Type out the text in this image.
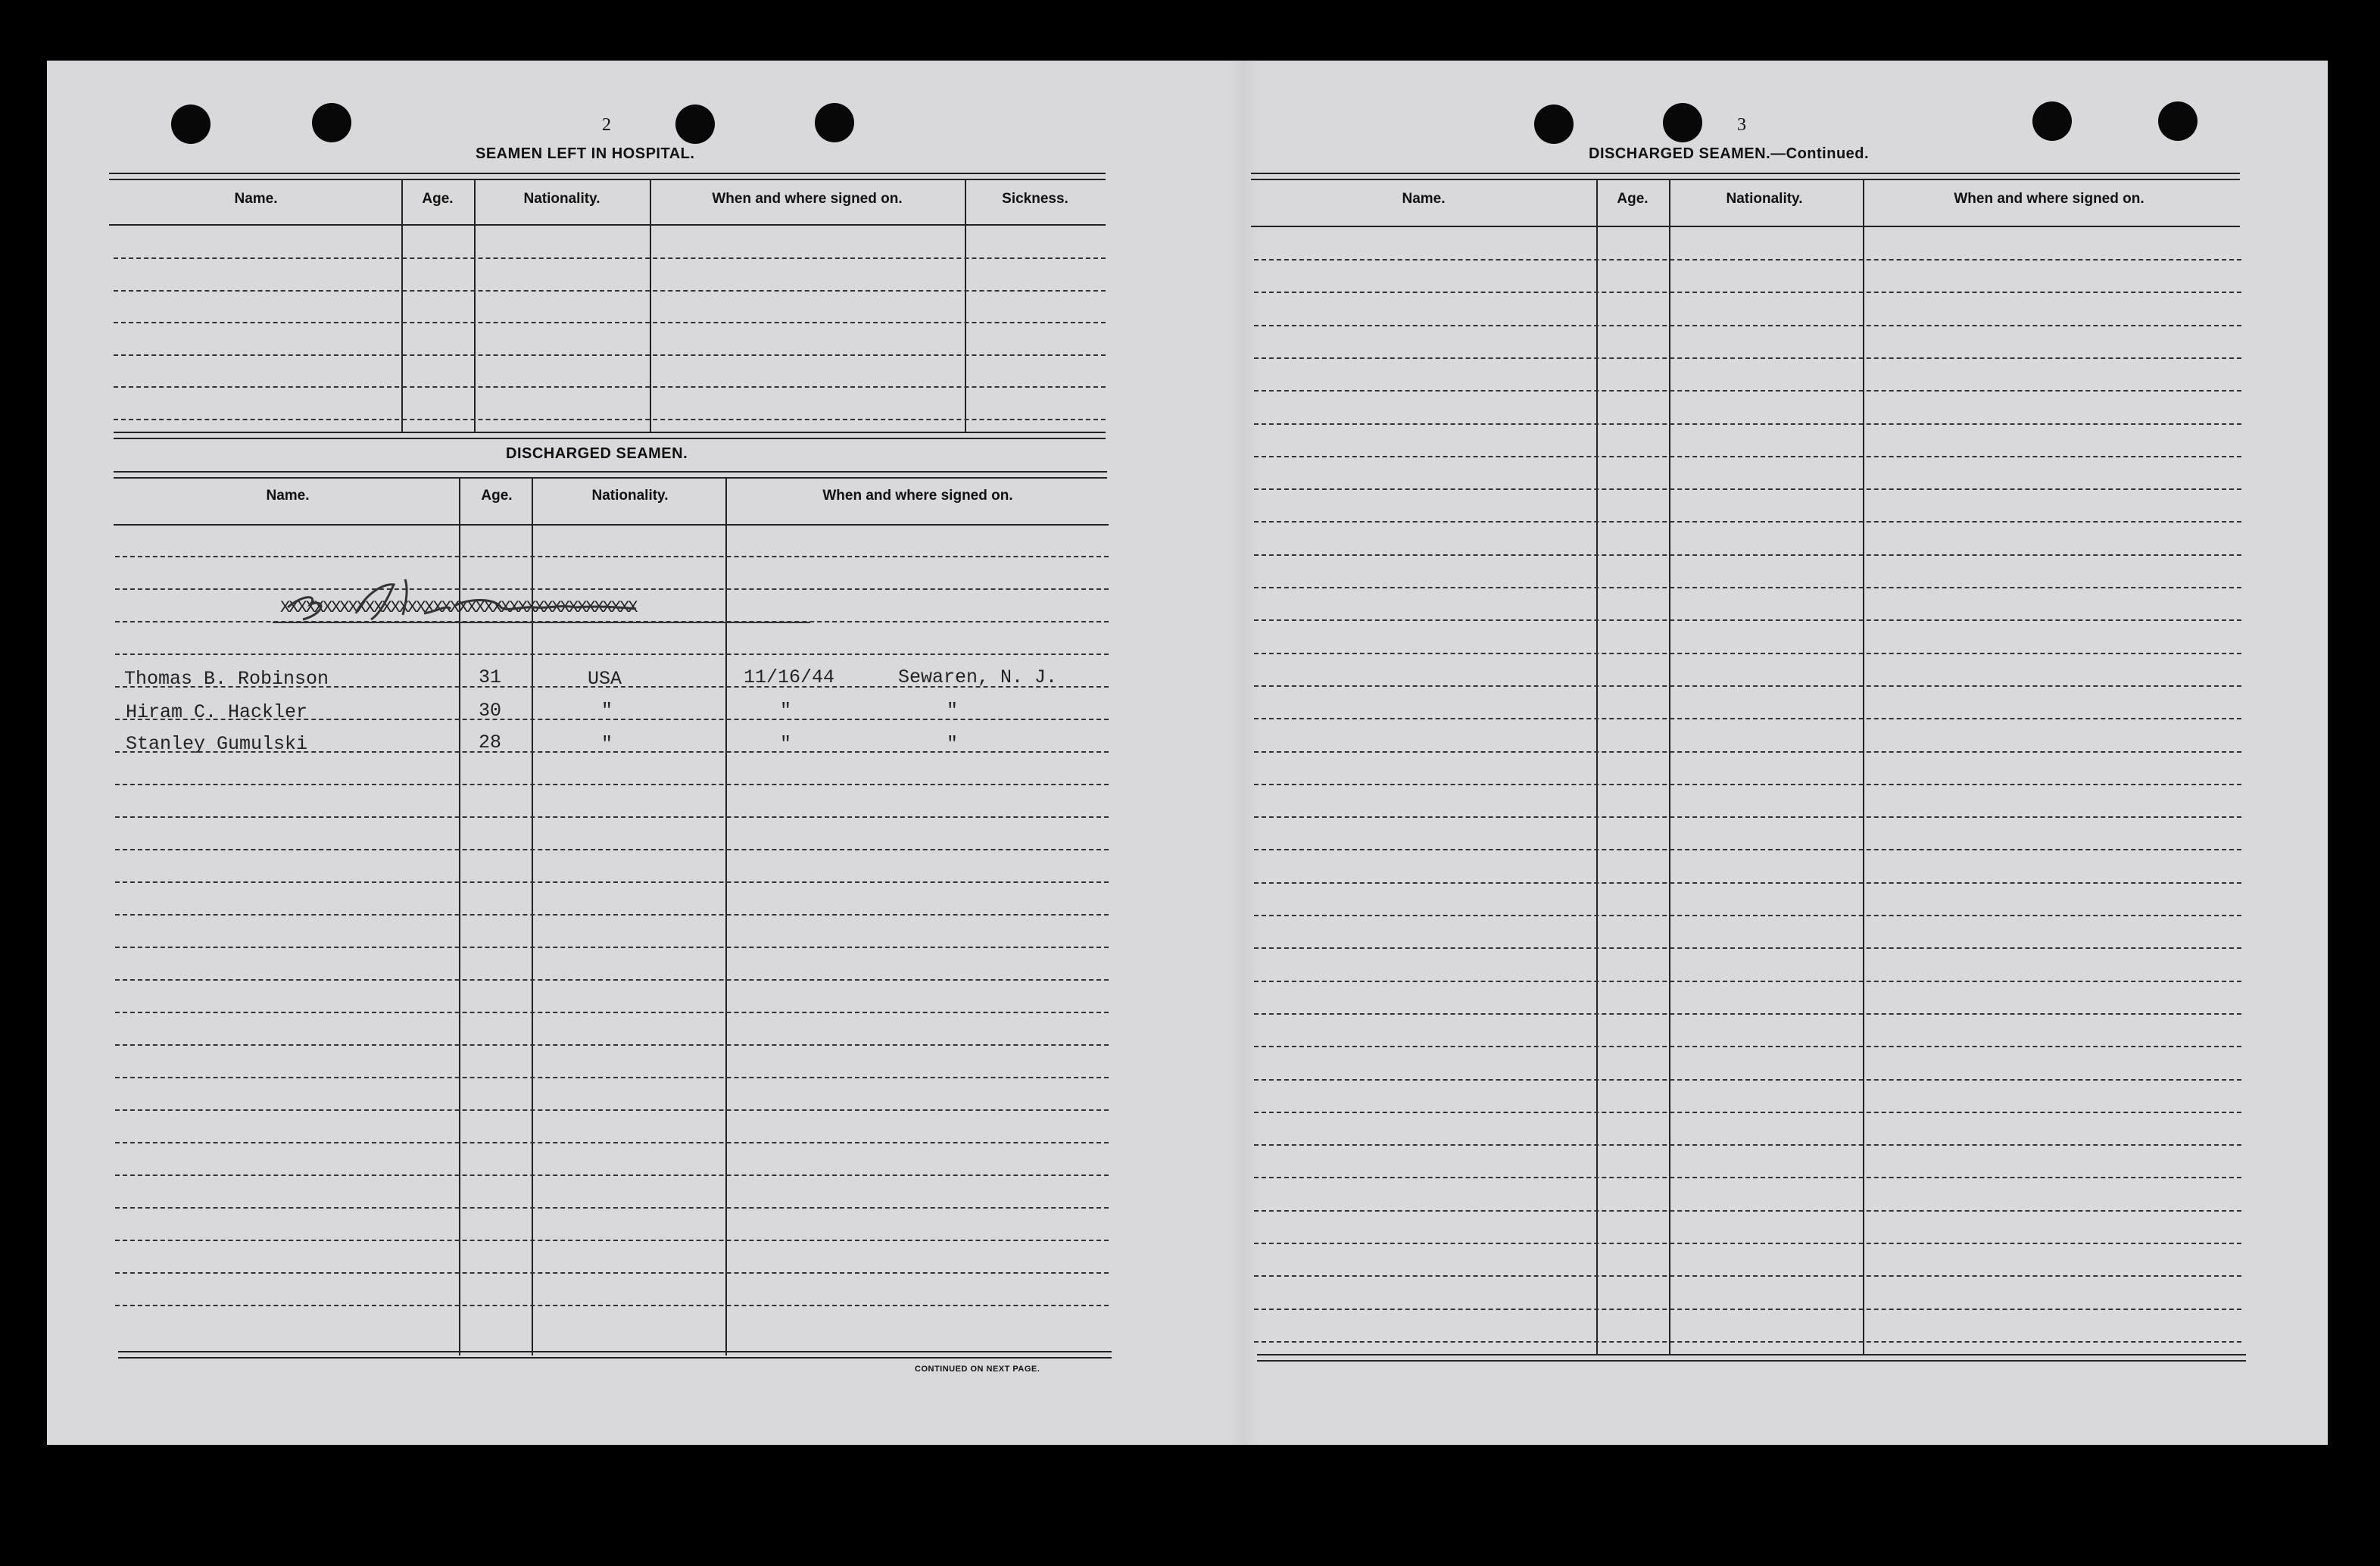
2
SEAMEN LEFT IN HOSPITAL.
Name.	Age.	Nationality.	When and where signed on.	Sickness.
DISCHARGED SEAMEN.
Name.	Age.	Nationality.	When and where signed on.
XXXXXXXXXXXXXXXXXXXXXXXXXXXXXXXXXXXXXXXXXX
Thomas B. Robinson	31	USA	11/16/44	Sewaren, N. J.
Hiram C. Hackler	30	"	"	"
Stanley Gumulski	28	"	"	"
CONTINUED ON NEXT PAGE.
3
DISCHARGED SEAMEN.—Continued.
Name.	Age.	Nationality.	When and where signed on.
